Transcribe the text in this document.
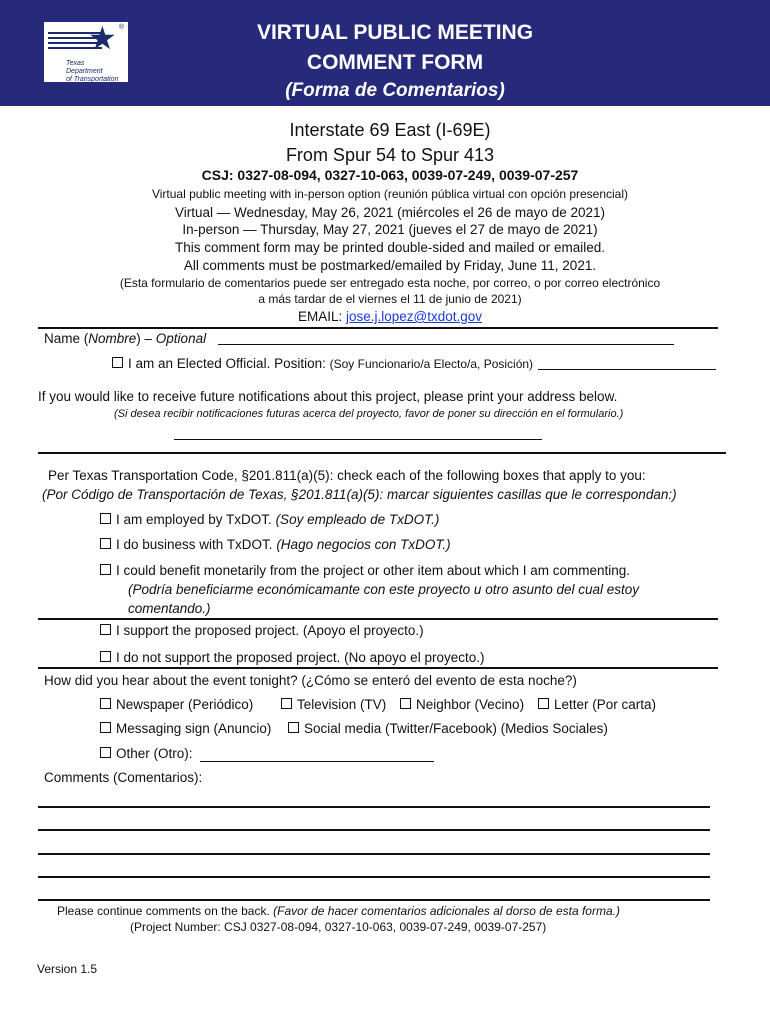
★ ®
Texas
Department
of Transportation
VIRTUAL PUBLIC MEETING
COMMENT FORM
(Forma de Comentarios)
Interstate 69 East (I-69E)
From Spur 54 to Spur 413
CSJ: 0327-08-094, 0327-10-063, 0039-07-249, 0039-07-257
Virtual public meeting with in-person option (reunión pública virtual con opción presencial)
Virtual — Wednesday, May 26, 2021 (miércoles el 26 de mayo de 2021)
In-person — Thursday, May 27, 2021 (jueves el 27 de mayo de 2021)
This comment form may be printed double-sided and mailed or emailed.
All comments must be postmarked/emailed by Friday, June 11, 2021.
(Esta formulario de comentarios puede ser entregado esta noche, por correo, o por correo electrónico
a más tardar de el viernes el 11 de junio de 2021)
EMAIL: jose.j.lopez@txdot.gov
Name (Nombre) – Optional
I am an Elected Official. Position: (Soy Funcionario/a Electo/a, Posición)
If you would like to receive future notifications about this project, please print your address below.
(Si desea recibir notificaciones futuras acerca del proyecto, favor de poner su dirección en el formulario.)
Per Texas Transportation Code, §201.811(a)(5): check each of the following boxes that apply to you:
(Por Código de Transportación de Texas, §201.811(a)(5): marcar siguientes casillas que le correspondan:)
I am employed by TxDOT. (Soy empleado de TxDOT.)
I do business with TxDOT. (Hago negocios con TxDOT.)
I could benefit monetarily from the project or other item about which I am commenting.
(Podría beneficiarme económicamante con este proyecto u otro asunto del cual estoy
comentando.)
I support the proposed project. (Apoyo el proyecto.)
I do not support the proposed project. (No apoyo el proyecto.)
How did you hear about the event tonight? (¿Cómo se enteró del evento de esta noche?)
Newspaper (Periódico)	Television (TV)	Neighbor (Vecino)	Letter (Por carta)
Messaging sign (Anuncio)	Social media (Twitter/Facebook) (Medios Sociales)
Other (Otro):
Comments (Comentarios):
Please continue comments on the back. (Favor de hacer comentarios adicionales al dorso de esta forma.)
(Project Number: CSJ 0327-08-094, 0327-10-063, 0039-07-249, 0039-07-257)
Version 1.5
